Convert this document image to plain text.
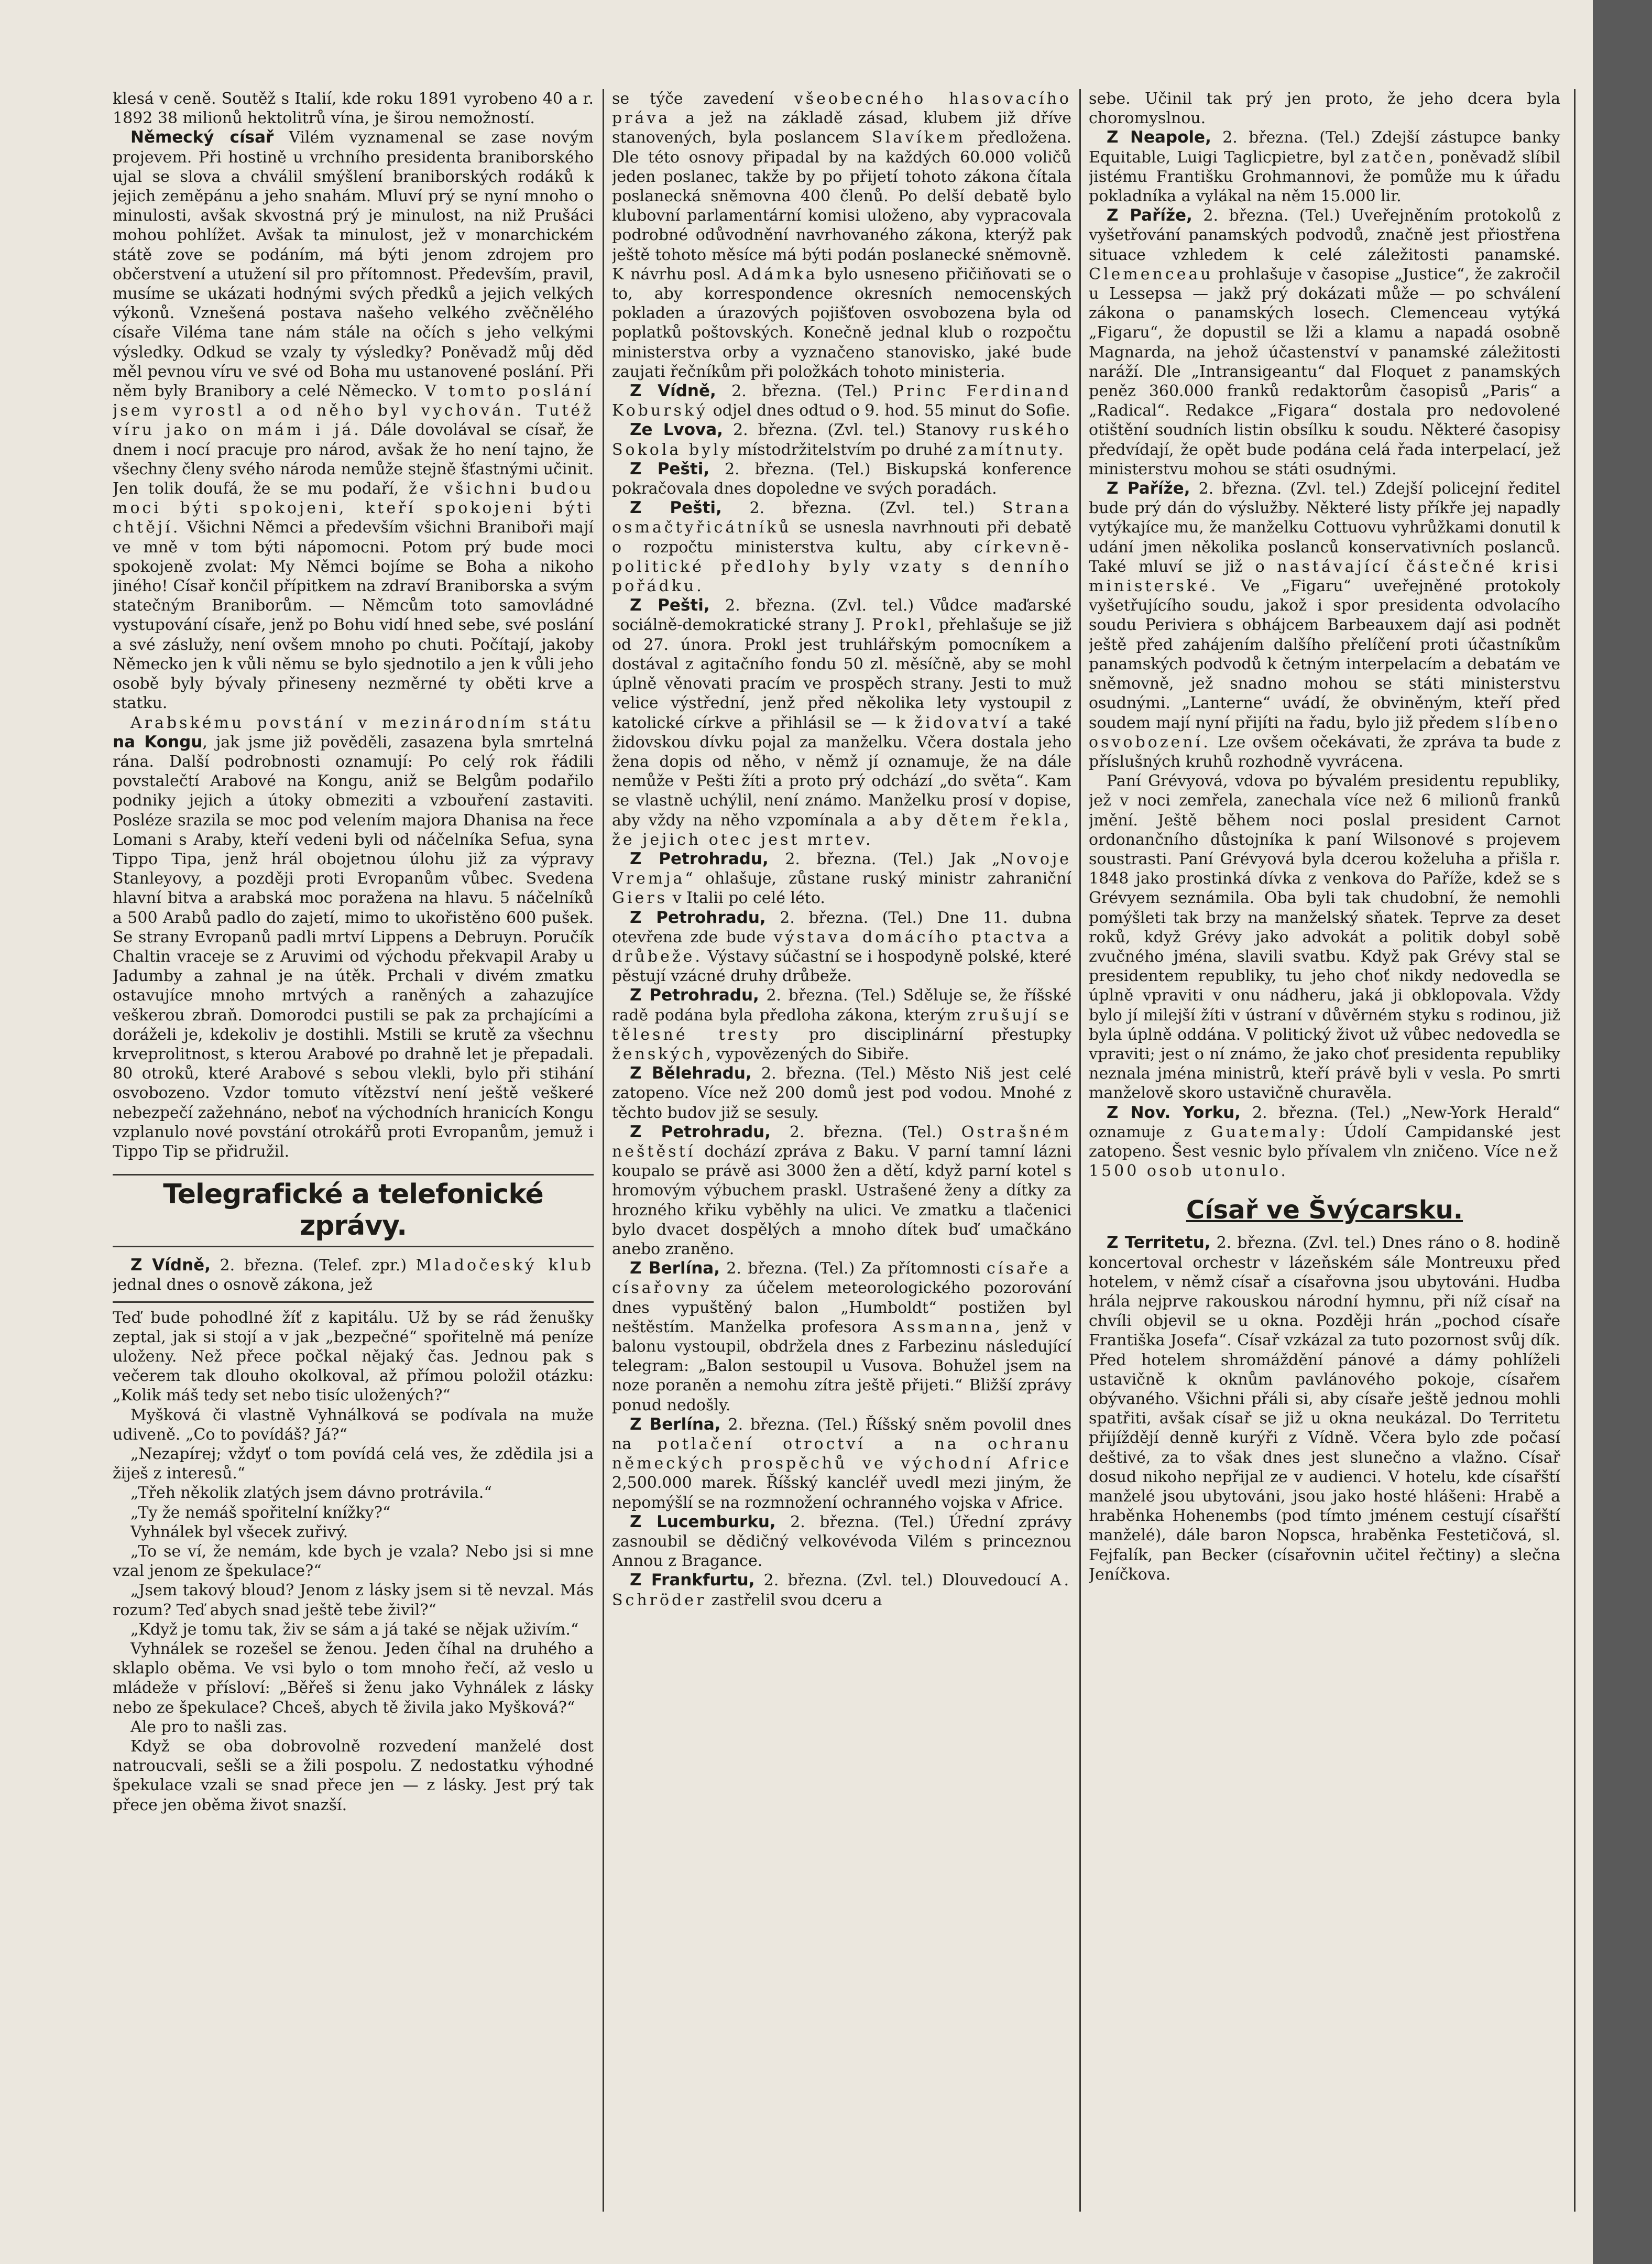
klesá v ceně. Soutěž s Italií, kde roku 1891 vyrobeno 40 a r. 1892 38 milionů hektolitrů vína, je širou nemožností.

Německý císař Vilém vyznamenal se zase novým projevem. Při hostině u vrchního presidenta braniborského ujal se slova a chválil smýšlení braniborských rodáků k jejich zeměpánu a jeho snahám. Mluví prý se nyní mnoho o minulosti, avšak skvostná prý je minulost, na niž Prušáci mohou pohlížet. Avšak ta minulost, jež v monarchickém státě zove se podáním, má býti jenom zdrojem pro občerstvení a utužení sil pro přítomnost. Především, pravil, musíme se ukázati hodnými svých předků a jejich velkých výkonů. Vznešená postava našeho velkého zvěčnělého císaře Viléma tane nám stále na očích s jeho velkými výsledky. Odkud se vzaly ty výsledky? Poněvadž můj děd měl pevnou víru ve své od Boha mu ustanovené poslání. Při něm byly Branibory a celé Německo. V tomto poslání jsem vyrostl a od něho byl vychován. Tutéž víru jako on mám i já. Dále dovolával se císař, že dnem i nocí pracuje pro národ, avšak že ho není tajno, že všechny členy svého národa nemůže stejně šťastnými učinit. Jen tolik doufá, že se mu podaří, že všichni budou moci býti spokojeni, kteří spokojeni býti chtějí. Všichni Němci a především všichni Braniboři mají ve mně v tom býti nápomocni. Potom prý bude moci spokojeně zvolat: My Němci bojíme se Boha a nikoho jiného! Císař končil přípitkem na zdraví Braniborska a svým statečným Braniborům. — Němcům toto samovládné vystupování císaře, jenž po Bohu vidí hned sebe, své poslání a své záslužy, není ovšem mnoho po chuti. Počítají, jakoby Německo jen k vůli němu se bylo sjednotilo a jen k vůli jeho osobě byly bývaly přineseny nezměrné ty oběti krve a statku.

Arabskému povstání v mezinárodním státu na Kongu, jak jsme již pověděli, zasazena byla smrtelná rána. Další podrobnosti oznamují: Po celý rok řádili povstalečtí Arabové na Kongu, aniž se Belgům podařilo podniky jejich a útoky obmeziti a vzbouření zastaviti. Posléze srazila se moc pod velením majora Dhanisa na řece Lomani s Araby, kteří vedeni byli od náčelníka Sefua, syna Tippo Tipa, jenž hrál obojetnou úlohu již za výpravy Stanleyovy, a později proti Evropanům vůbec. Svedena hlavní bitva a arabská moc poražena na hlavu. 5 náčelníků a 500 Arabů padlo do zajetí, mimo to ukořistěno 600 pušek. Se strany Evropanů padli mrtví Lippens a Debruyn. Poručík Chaltin vraceje se z Aruvimi od východu překvapil Araby u Jadumby a zahnal je na útěk. Prchali v divém zmatku ostavujíce mnoho mrtvých a raněných a zahazujíce veškerou zbraň. Domorodci pustili se pak za prchajícími a doráželi je, kdekoliv je dostihli. Mstili se krutě za všechnu krveprolitnost, s kterou Arabové po drahně let je přepadali. 80 otroků, které Arabové s sebou vlekli, bylo při stihání osvobozeno. Vzdor tomuto vítězství není ještě veškeré nebezpečí zažehnáno, neboť na východních hranicích Kongu vzplanulo nové povstání otrokářů proti Evropanům, jemuž i Tippo Tip se přidružil.

Telegrafické a telefonické zprávy.

Z Vídně, 2. března. (Telef. zpr.) Mladočeský klub jednal dnes o osnově zákona, jež

Teď bude pohodlné žíť z kapitálu. Už by se rád ženušky zeptal, jak si stojí a v jak „bezpečné“ spořitelně má peníze uloženy. Než přece počkal nějaký čas. Jednou pak s večerem tak dlouho okolkoval, až přímou položil otázku: „Kolik máš tedy set nebo tisíc uložených?“

Myšková či vlastně Vyhnálková se podívala na muže udiveně. „Co to povídáš? Já?“

„Nezapírej; vždyť o tom povídá celá ves, že zdědila jsi a žiješ z interesů.“

„Třeh několik zlatých jsem dávno protrávila.“

„Ty že nemáš spořitelní knížky?“

Vyhnálek byl všecek zuřivý.

„To se ví, že nemám, kde bych je vzala? Nebo jsi si mne vzal jenom ze špekulace?“

„Jsem takový bloud? Jenom z lásky jsem si tě nevzal. Más rozum? Teď abych snad ještě tebe živil?“

„Když je tomu tak, živ se sám a já také se nějak uživím.“

Vyhnálek se rozešel se ženou. Jeden číhal na druhého a sklaplo oběma. Ve vsi bylo o tom mnoho řečí, až veslo u mládeže v přísloví: „Běřeš si ženu jako Vyhnálek z lásky nebo ze špekulace? Chceš, abych tě živila jako Myšková?“

Ale pro to našli zas.

Když se oba dobrovolně rozvedení manželé dost natroucvali, sešli se a žili pospolu. Z nedostatku výhodné špekulace vzali se snad přece jen — z lásky. Jest prý tak přece jen oběma život snazší.

se týče zavedení všeobecného hlasovacího práva a jež na základě zásad, klubem již dříve stanovených, byla poslancem Slavíkem předložena. Dle této osnovy připadal by na každých 60.000 voličů jeden poslanec, takže by po přijetí tohoto zákona čítala poslanecká sněmovna 400 členů. Po delší debatě bylo klubovní parlamentární komisi uloženo, aby vypracovala podrobné odůvodnění navrhovaného zákona, kterýž pak ještě tohoto měsíce má býti podán poslanecké sněmovně. K návrhu posl. Adámka bylo usneseno přičiňovati se o to, aby korrespondence okresních nemocenských pokladen a úrazových pojišťoven osvobozena byla od poplatků poštovských. Konečně jednal klub o rozpočtu ministerstva orby a vyznačeno stanovisko, jaké bude zaujati řečníkům při položkách tohoto ministeria.

Z Vídně, 2. března. (Tel.) Princ Ferdinand Koburský odjel dnes odtud o 9. hod. 55 minut do Sofie.

Ze Lvova, 2. března. (Zvl. tel.) Stanovy ruského Sokola byly místodržitelstvím po druhé zamítnuty.

Z Pešti, 2. března. (Tel.) Biskupská konference pokračovala dnes dopoledne ve svých poradách.

Z Pešti, 2. března. (Zvl. tel.) Strana osmačtyřicátníků se usnesla navrhnouti při debatě o rozpočtu ministerstva kultu, aby církevně-politické předlohy byly vzaty s denního pořádku.

Z Pešti, 2. března. (Zvl. tel.) Vůdce maďarské sociálně-demokratické strany J. Prokl, přehlašuje se již od 27. února. Prokl jest truhlářským pomocníkem a dostával z agitačního fondu 50 zl. měsíčně, aby se mohl úplně věnovati pracím ve prospěch strany. Jesti to muž velice výstřední, jenž před několika lety vystoupil z katolické církve a přihlásil se — k židovatví a také židovskou dívku pojal za manželku. Včera dostala jeho žena dopis od něho, v němž jí oznamuje, že na dále nemůže v Pešti žíti a proto prý odchází „do světa“. Kam se vlastně uchýlil, není známo. Manželku prosí v dopise, aby vždy na něho vzpomínala a aby dětem řekla, že jejich otec jest mrtev.

Z Petrohradu, 2. března. (Tel.) Jak „Novoje Vremja“ ohlašuje, zůstane ruský ministr zahraniční Giers v Italii po celé léto.

Z Petrohradu, 2. března. (Tel.) Dne 11. dubna otevřena zde bude výstava domácího ptactva a drůbeže. Výstavy súčastní se i hospodyně polské, které pěstují vzácné druhy drůbeže.

Z Petrohradu, 2. března. (Tel.) Sděluje se, že říšské radě podána byla předloha zákona, kterým zrušují se tělesné tresty pro disciplinární přestupky ženských, vypovězených do Sibiře.

Z Bělehradu, 2. března. (Tel.) Město Niš jest celé zatopeno. Více než 200 domů jest pod vodou. Mnohé z těchto budov již se sesuly.

Z Petrohradu, 2. března. (Tel.) Ostrašném neštěstí dochází zpráva z Baku. V parní tamní lázni koupalo se právě asi 3000 žen a dětí, když parní kotel s hromovým výbuchem praskl. Ustrašené ženy a dítky za hrozného křiku vyběhly na ulici. Ve zmatku a tlačenici bylo dvacet dospělých a mnoho dítek buď umačkáno anebo zraněno.

Z Berlína, 2. března. (Tel.) Za přítomnosti císaře a císařovny za účelem meteorologického pozorování dnes vypuštěný balon „Humboldt“ postižen byl neštěstím. Manželka profesora Assmanna, jenž v balonu vystoupil, obdržela dnes z Farbezinu následující telegram: „Balon sestoupil u Vusova. Bohužel jsem na noze poraněn a nemohu zítra ještě přijeti.“ Bližší zprávy ponud nedošly.

Z Berlína, 2. března. (Tel.) Říšský sněm povolil dnes na potlačení otroctví a na ochranu německých prospěchů ve východní Africe 2,500.000 marek. Říšský kancléř uvedl mezi jiným, že nepomýšlí se na rozmnožení ochranného vojska v Africe.

Z Lucemburku, 2. března. (Tel.) Úřední zprávy zasnoubil se dědičný velkovévoda Vilém s princeznou Annou z Bragance.

Z Frankfurtu, 2. března. (Zvl. tel.) Dlouvedoucí A. Schröder zastřelil svou dceru a

sebe. Učinil tak prý jen proto, že jeho dcera byla choromyslnou.

Z Neapole, 2. března. (Tel.) Zdejší zástupce banky Equitable, Luigi Taglicpietre, byl zatčen, poněvadž slíbil jistému Františku Grohmannovi, že pomůže mu k úřadu pokladníka a vylákal na něm 15.000 lir.

Z Paříže, 2. března. (Tel.) Uveřejněním protokolů z vyšetřování panamských podvodů, značně jest přiostřena situace vzhledem k celé záležitosti panamské. Clemenceau prohlašuje v časopise „Justice“, že zakročil u Lessepsa — jakž prý dokázati může — po schválení zákona o panamských losech. Clemenceau vytýká „Figaru“, že dopustil se lži a klamu a napadá osobně Magnarda, na jehož účastenství v panamské záležitosti naráží. Dle „Intransigeantu“ dal Floquet z panamských peněz 360.000 franků redaktorům časopisů „Paris“ a „Radical“. Redakce „Figara“ dostala pro nedovolené otištění soudních listin obsílku k soudu. Některé časopisy předvídají, že opět bude podána celá řada interpelací, jež ministerstvu mohou se státi osudnými.

Z Paříže, 2. března. (Zvl. tel.) Zdejší policejní ředitel bude prý dán do výslužby. Některé listy příkře jej napadly vytýkajíce mu, že manželku Cottuovu vyhrůžkami donutil k udání jmen několika poslanců konservativních poslanců. Také mluví se již o nastávající částečné krisi ministerské. Ve „Figaru“ uveřejněné protokoly vyšetřujícího soudu, jakož i spor presidenta odvolacího soudu Periviera s obhájcem Barbeauxem dají asi podnět ještě před zahájením dalšího přelíčení proti účastníkům panamských podvodů k četným interpelacím a debatám ve sněmovně, jež snadno mohou se státi ministerstvu osudnými. „Lanterne“ uvádí, že obviněným, kteří před soudem mají nyní přijíti na řadu, bylo již předem slíbeno osvobození. Lze ovšem očekávati, že zpráva ta bude z příslušných kruhů rozhodně vyvrácena.

Paní Grévyová, vdova po bývalém presidentu republiky, jež v noci zemřela, zanechala více než 6 milionů franků jmění. Ještě během noci poslal president Carnot ordonančního důstojníka k paní Wilsonové s projevem soustrasti. Paní Grévyová byla dcerou koželuha a přišla r. 1848 jako prostinká dívka z venkova do Paříže, kdež se s Grévyem seznámila. Oba byli tak chudobní, že nemohli pomýšleti tak brzy na manželský sňatek. Teprve za deset roků, když Grévy jako advokát a politik dobyl sobě zvučného jména, slavili svatbu. Když pak Grévy stal se presidentem republiky, tu jeho choť nikdy nedovedla se úplně vpraviti v onu nádheru, jaká ji obklopovala. Vždy bylo jí milejší žíti v ústraní v důvěrném styku s rodinou, již byla úplně oddána. V politický život už vůbec nedovedla se vpraviti; jest o ní známo, že jako choť presidenta republiky neznala jména ministrů, kteří právě byli v vesla. Po smrti manželově skoro ustavičně churavěla.

Z Nov. Yorku, 2. března. (Tel.) „New-York Herald“ oznamuje z Guatemaly: Údolí Campidanské jest zatopeno. Šest vesnic bylo přívalem vln zničeno. Více než 1500 osob utonulo.

Císař ve Švýcarsku.

Z Territetu, 2. března. (Zvl. tel.) Dnes ráno o 8. hodině koncertoval orchestr v lázeňském sále Montreuxu před hotelem, v němž císař a císařovna jsou ubytováni. Hudba hrála nejprve rakouskou národní hymnu, při níž císař na chvíli objevil se u okna. Později hrán „pochod císaře Františka Josefa“. Císař vzkázal za tuto pozornost svůj dík. Před hotelem shromáždění pánové a dámy pohlíželi ustavičně k oknům pavlánového pokoje, císařem obývaného. Všichni přáli si, aby císaře ještě jednou mohli spatřiti, avšak císař se již u okna neukázal. Do Territetu přijíždějí denně kurýři z Vídně. Včera bylo zde počasí deštivé, za to však dnes jest slunečno a vlažno. Císař dosud nikoho nepřijal ze v audienci. V hotelu, kde císařští manželé jsou ubytováni, jsou jako hosté hlášeni: Hrabě a hraběnka Hohenembs (pod tímto jménem cestují císařští manželé), dále baron Nopsca, hraběnka Festetičová, sl. Fejfalík, pan Becker (císařovnin učitel řečtiny) a slečna Jeníčkova.
